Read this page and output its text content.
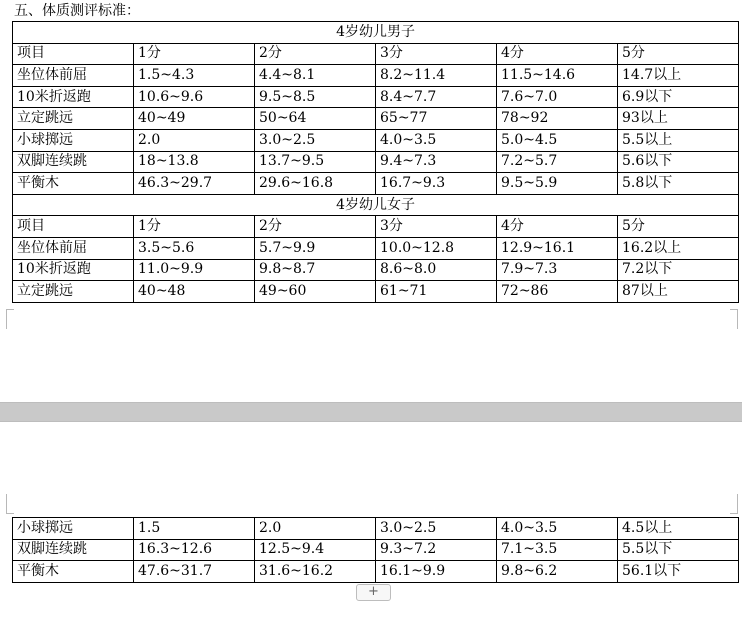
五、体质测评标准：
4岁幼儿男子					
项目	1分	2分	3分	4分	5分
坐位体前屈	1.5~4.3	4.4~8.1	8.2~11.4	11.5~14.6	14.7以上
10米折返跑	10.6~9.6	9.5~8.5	8.4~7.7	7.6~7.0	6.9以下
立定跳远	40~49	50~64	65~77	78~92	93以上
小球掷远	2.0	3.0~2.5	4.0~3.5	5.0~4.5	5.5以上
双脚连续跳	18~13.8	13.7~9.5	9.4~7.3	7.2~5.7	5.6以下
平衡木	46.3~29.7	29.6~16.8	16.7~9.3	9.5~5.9	5.8以下
4岁幼儿女子					
项目	1分	2分	3分	4分	5分
坐位体前屈	3.5~5.6	5.7~9.9	10.0~12.8	12.9~16.1	16.2以上
10米折返跑	11.0~9.9	9.8~8.7	8.6~8.0	7.9~7.3	7.2以下
立定跳远	40~48	49~60	61~71	72~86	87以上
小球掷远	1.5	2.0	3.0~2.5	4.0~3.5	4.5以上
双脚连续跳	16.3~12.6	12.5~9.4	9.3~7.2	7.1~3.5	5.5以下
平衡木	47.6~31.7	31.6~16.2	16.1~9.9	9.8~6.2	56.1以下
+
